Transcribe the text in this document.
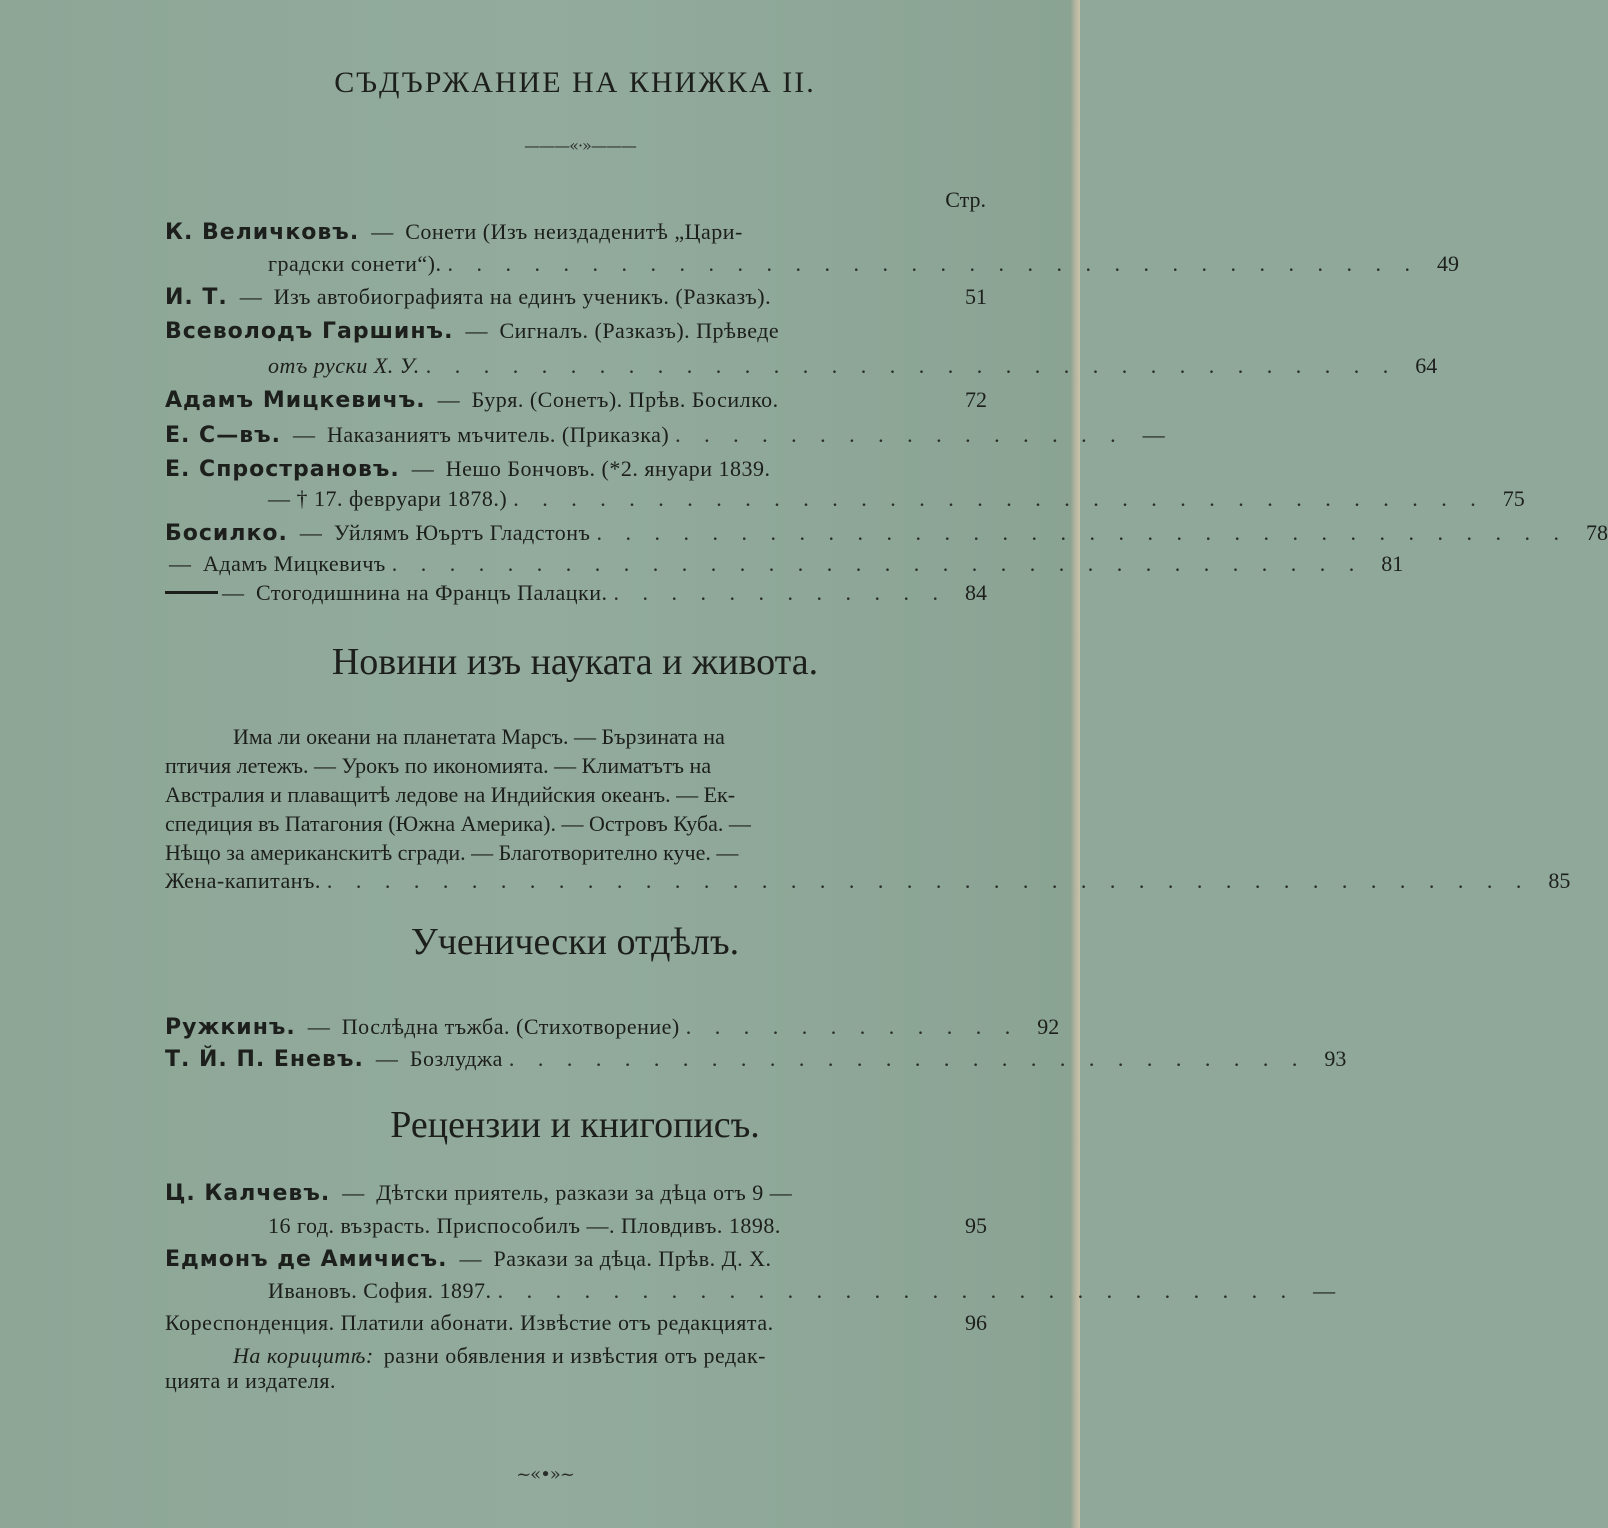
СЪДЪРЖАНИЕ НА КНИЖКА II.
———«·»———
Стр.
К. Величковъ. — Сонети (Изъ неиздаденитѣ „Цари-
градски сонети“). . . . . . . . . . . . . . . . . . . . . . . . . . . . . . . . . . . 49
И. Т. — Изъ автобиографията на единъ ученикъ. (Разказъ).	51
Всеволодъ Гаршинъ. — Сигналъ. (Разказъ). Прѣведе
отъ руски Х. У. . . . . . . . . . . . . . . . . . . . . . . . . . . . . . . . . . . 64
Адамъ Мицкевичъ. — Буря. (Сонетъ). Прѣв. Босилко.	72
Е. С—въ. — Наказаниятъ мъчитель. (Приказка) . . . . . . . . . . . . . . . . —
Е. Спространовъ. — Нешо Бончовъ. (*2. януари 1839.
— † 17. февруари 1878.) . . . . . . . . . . . . . . . . . . . . . . . . . . . . . . . . . . 75
Босилко. — Уйлямъ Юъртъ Гладстонъ . . . . . . . . . . . . . . . . . . . . . . . . . . . . . . . . . . 78
— Адамъ Мицкевичъ . . . . . . . . . . . . . . . . . . . . . . . . . . . . . . . . . . 81
— Стогодишнина на Францъ Палацки. . . . . . . . . . . . . 84
Новини изъ науката и живота.
Има ли океани на планетата Марсъ. — Бързината на
птичия летежъ. — Урокъ по икономията. — Климатътъ на
Австралия и плаващитѣ ледове на Индийския океанъ. — Ек-
спедиция въ Патагония (Южна Америка). — Островъ Куба. —
Нѣщо за американскитѣ сгради. — Благотворително куче. —
Жена-капитанъ. . . . . . . . . . . . . . . . . . . . . . . . . . . . . . . . . . . . . . . . . . . 85
Ученически отдѣлъ.
Ружкинъ. — Послѣдна тъжба. (Стихотворение) . . . . . . . . . . . . 92
Т. Й. П. Еневъ. — Бозлуджа . . . . . . . . . . . . . . . . . . . . . . . . . . . . 93
Рецензии и книгописъ.
Ц. Калчевъ. — Дѣтски приятель, разкази за дѣца отъ 9 —
16 год. възрасть. Приспособилъ —. Пловдивъ. 1898.	95
Едмонъ де Амичисъ. — Разкази за дѣца. Прѣв. Д. Х.
Ивановъ. София. 1897. . . . . . . . . . . . . . . . . . . . . . . . . . . . . —
Кореспонденция. Платили абонати. Извѣстие отъ редакцията.	96
На корицитѣ: разни обявления и извѣстия отъ редак-
цията и издателя.
~«•»~
